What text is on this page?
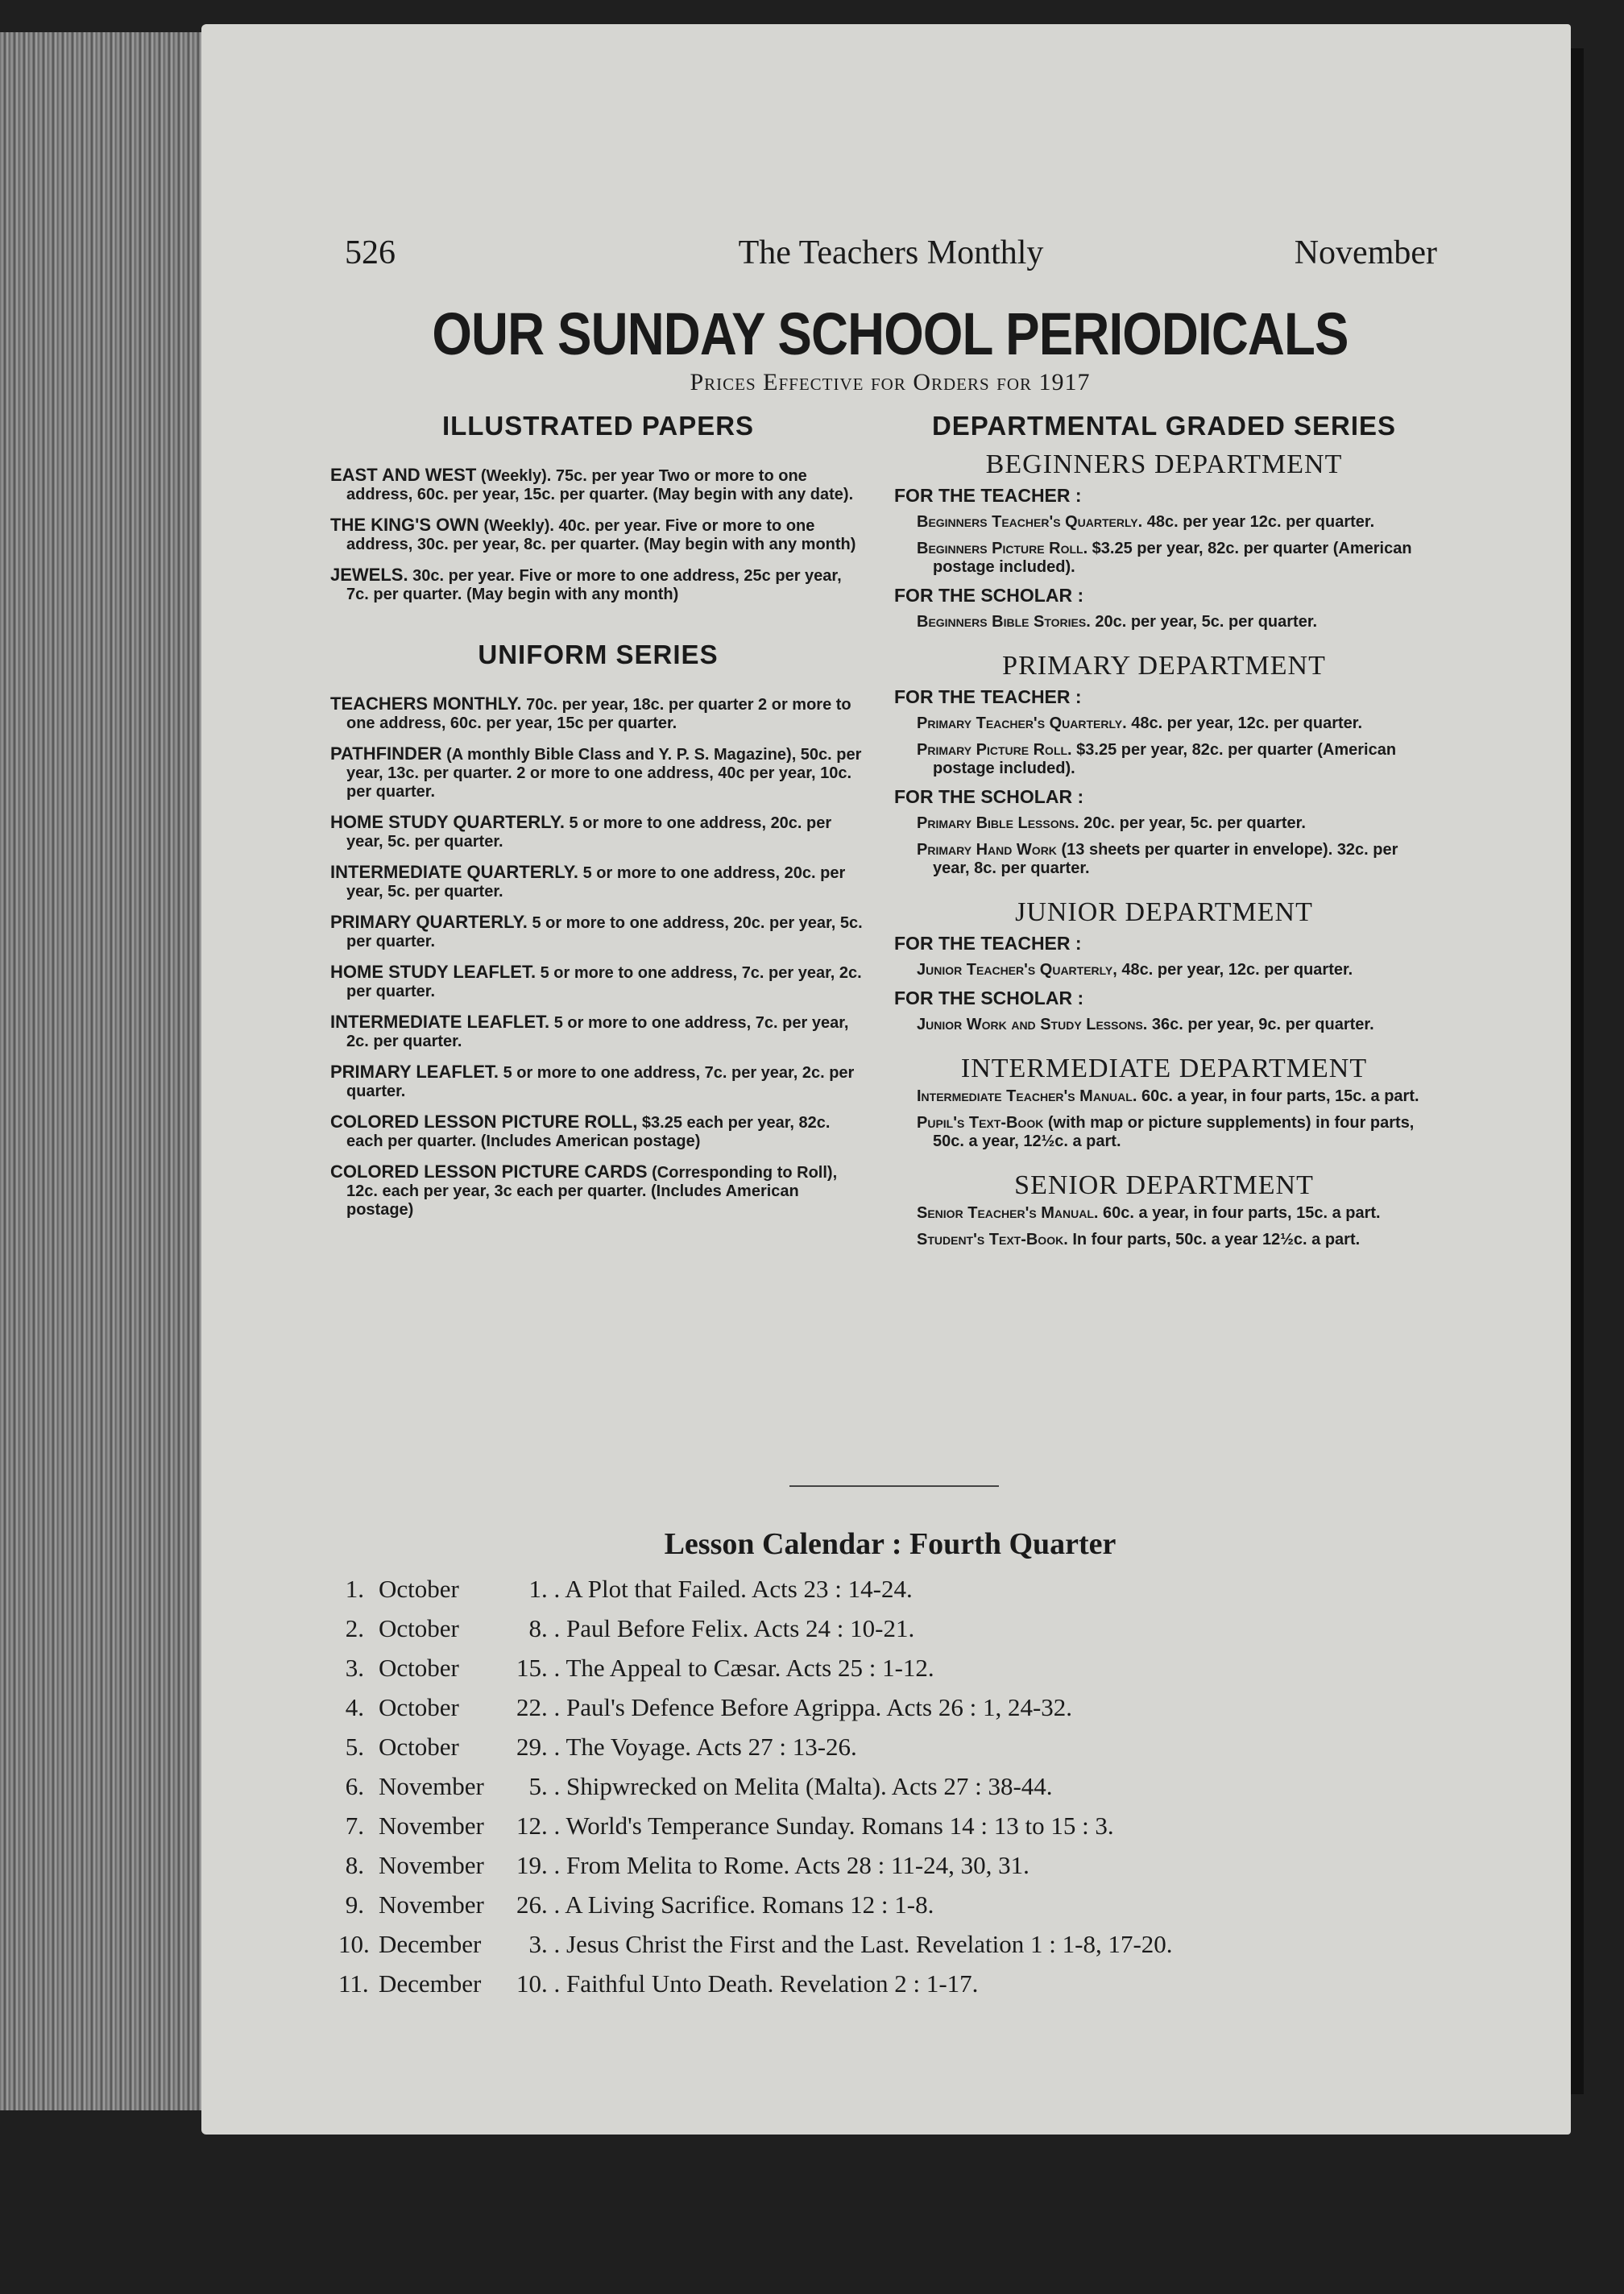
526	The Teachers Monthly	November
OUR SUNDAY SCHOOL PERIODICALS
Prices Effective for Orders for 1917
ILLUSTRATED PAPERS
EAST AND WEST (Weekly). 75c. per year Two or more to one address, 60c. per year, 15c. per quarter. (May begin with any date).
THE KING'S OWN (Weekly). 40c. per year. Five or more to one address, 30c. per year, 8c. per quarter. (May begin with any month)
JEWELS. 30c. per year. Five or more to one address, 25c per year, 7c. per quarter. (May begin with any month)
UNIFORM SERIES
TEACHERS MONTHLY. 70c. per year, 18c. per quarter 2 or more to one address, 60c. per year, 15c per quarter.
PATHFINDER (A monthly Bible Class and Y. P. S. Magazine), 50c. per year, 13c. per quarter. 2 or more to one address, 40c per year, 10c. per quarter.
HOME STUDY QUARTERLY. 5 or more to one address, 20c. per year, 5c. per quarter.
INTERMEDIATE QUARTERLY. 5 or more to one address, 20c. per year, 5c. per quarter.
PRIMARY QUARTERLY. 5 or more to one address, 20c. per year, 5c. per quarter.
HOME STUDY LEAFLET. 5 or more to one address, 7c. per year, 2c. per quarter.
INTERMEDIATE LEAFLET. 5 or more to one address, 7c. per year, 2c. per quarter.
PRIMARY LEAFLET. 5 or more to one address, 7c. per year, 2c. per quarter.
COLORED LESSON PICTURE ROLL, $3.25 each per year, 82c. each per quarter. (Includes American postage)
COLORED LESSON PICTURE CARDS (Corresponding to Roll), 12c. each per year, 3c each per quarter. (Includes American postage)
DEPARTMENTAL GRADED SERIES
BEGINNERS DEPARTMENT
FOR THE TEACHER :
Beginners Teacher's Quarterly. 48c. per year 12c. per quarter.
Beginners Picture Roll. $3.25 per year, 82c. per quarter (American postage included).
FOR THE SCHOLAR :
Beginners Bible Stories. 20c. per year, 5c. per quarter.
PRIMARY DEPARTMENT
FOR THE TEACHER :
Primary Teacher's Quarterly. 48c. per year, 12c. per quarter.
Primary Picture Roll. $3.25 per year, 82c. per quarter (American postage included).
FOR THE SCHOLAR :
Primary Bible Lessons. 20c. per year, 5c. per quarter.
Primary Hand Work (13 sheets per quarter in envelope). 32c. per year, 8c. per quarter.
JUNIOR DEPARTMENT
FOR THE TEACHER :
Junior Teacher's Quarterly, 48c. per year, 12c. per quarter.
FOR THE SCHOLAR :
Junior Work and Study Lessons. 36c. per year, 9c. per quarter.
INTERMEDIATE DEPARTMENT
Intermediate Teacher's Manual. 60c. a year, in four parts, 15c. a part.
Pupil's Text-Book (with map or picture supplements) in four parts, 50c. a year, 12½c. a part.
SENIOR DEPARTMENT
Senior Teacher's Manual. 60c. a year, in four parts, 15c. a part.
Student's Text-Book. In four parts, 50c. a year 12½c. a part.
Lesson Calendar : Fourth Quarter
1. October	1 . . A Plot that Failed. Acts 23 : 14-24.
2. October	8 . . Paul Before Felix. Acts 24 : 10-21.
3. October	15 . . The Appeal to Cæsar. Acts 25 : 1-12.
4. October	22 . . Paul's Defence Before Agrippa. Acts 26 : 1, 24-32.
5. October	29 . . The Voyage. Acts 27 : 13-26.
6. November	5 . . Shipwrecked on Melita (Malta). Acts 27 : 38-44.
7. November	12 . . World's Temperance Sunday. Romans 14 : 13 to 15 : 3.
8. November	19 . . From Melita to Rome. Acts 28 : 11-24, 30, 31.
9. November	26 . . A Living Sacrifice. Romans 12 : 1-8.
10. December	3 . . Jesus Christ the First and the Last. Revelation 1 : 1-8, 17-20.
11. December	10 . . Faithful Unto Death. Revelation 2 : 1-17.
